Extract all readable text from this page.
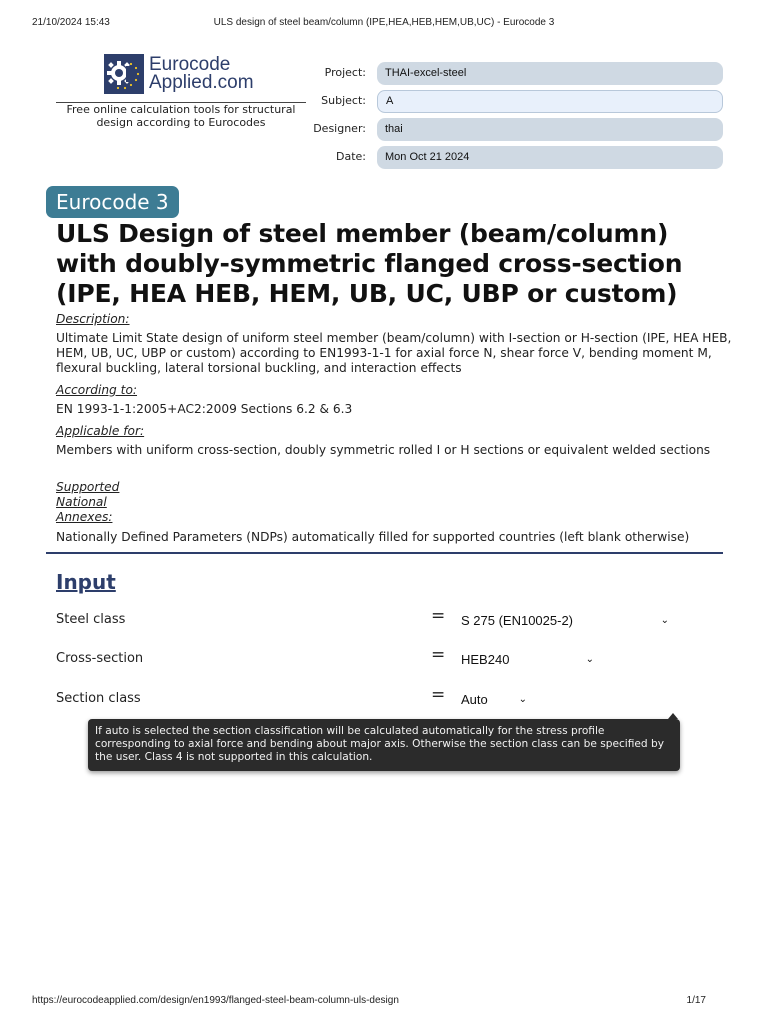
21/10/2024 15:43	ULS design of steel beam/column (IPE,HEA,HEB,HEM,UB,UC) - Eurocode 3
Eurocode
Applied.com
Free online calculation tools for structural design according to Eurocodes
Project:	THAI-excel-steel
Subject:	A
Designer:	thai
Date:	Mon Oct 21 2024
Eurocode 3
ULS Design of steel member (beam/column) with doubly-symmetric flanged cross-section (IPE, HEA HEB, HEM, UB, UC, UBP or custom)
Description:
Ultimate Limit State design of uniform steel member (beam/column) with I-section or H-section (IPE, HEA HEB, HEM, UB, UC, UBP or custom) according to EN1993-1-1 for axial force N, shear force V, bending moment M, flexural buckling, lateral torsional buckling, and interaction effects
According to:
EN 1993-1-1:2005+AC2:2009 Sections 6.2 & 6.3
Applicable for:
Members with uniform cross-section, doubly symmetric rolled I or H sections or equivalent welded sections
Supported
National
Annexes:
Nationally Defined Parameters (NDPs) automatically filled for supported countries (left blank otherwise)
Input
Steel class	=	S 275 (EN10025-2)	⌄
Cross-section	=	HEB240	⌄
Section class	=	Auto	⌄
If auto is selected the section classification will be calculated automatically for the stress profile corresponding to axial force and bending about major axis. Otherwise the section class can be specified by the user. Class 4 is not supported in this calculation.
https://eurocodeapplied.com/design/en1993/flanged-steel-beam-column-uls-design	1/17
